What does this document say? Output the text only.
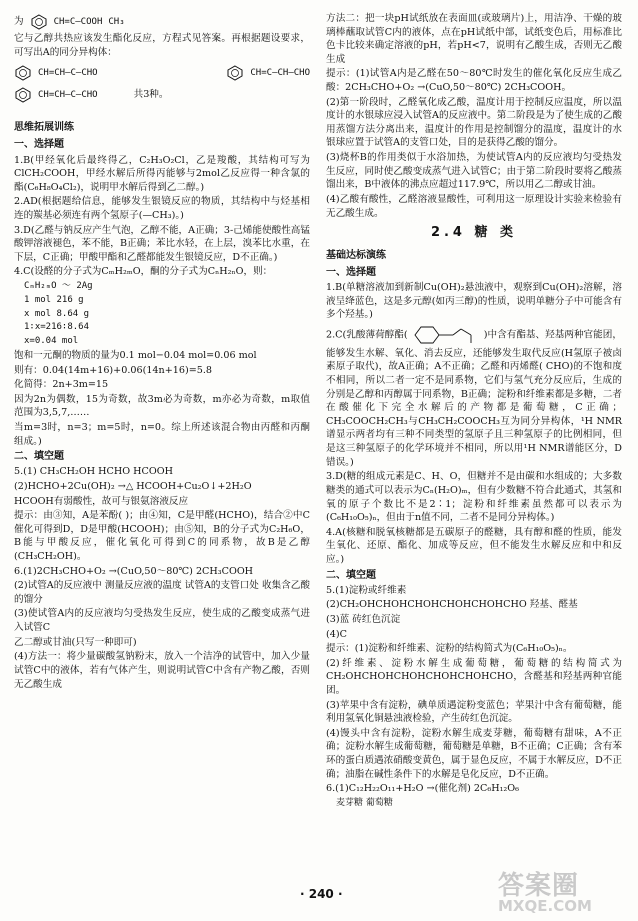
为	CH=C—COOH CH₃

它与乙醇共热应该发生酯化反应，方程式见答案。再根据题设要求，可写出A的同分异构体：

CH=CH—C—CHO	CH=C—CH—CHO
CH=CH—C—CHO	共3种。
思维拓展训练
一、选择题

1.B(甲经氧化后最终得乙，C₂H₃O₂Cl，乙是羧酸，其结构可写为ClCH₂COOH，甲经水解后所得丙能够与2mol乙反应得一种含氯的酯(C₆H₈O₄Cl₂)，说明甲水解后得到乙二醇。)

2.AD(根据题给信息，能够发生银镜反应的物质，其结构中与烃基相连的羰基必须连有两个氢原子(—CH₃)。)

3.D(乙醛与钠反应产生气泡，乙醇不能，A正确；3-己烯能使酸性高锰酸钾溶液褪色，苯不能，B正确；苯比水轻，在上层，溴苯比水重，在下层，C正确；甲酸甲酯和乙醛都能发生银镜反应，D不正确。)

4.C(设醛的分子式为CₘH₂ₘO，酮的分子式为CₙH₂ₙO，则：

CₘH₂ₘO ～ 2Ag

1 mol 216 g

x mol 8.64 g

1∶x=216∶8.64

x=0.04 mol

饱和一元酮的物质的量为0.1 mol−0.04 mol=0.06 mol

则有：0.04(14m+16)+0.06(14n+16)=5.8

化简得：2n+3m=15

因为2n为偶数，15为奇数，故3m必为奇数，m亦必为奇数，m取值范围为3,5,7,……

当m=3时，n=3；m=5时，n=0。综上所述该混合物由丙醛和丙酮组成。)

二、填空题

5.(1) CH₃CH₂OH HCHO HCOOH

(2)HCHO+2Cu(OH)₂ →△ HCOOH+Cu₂O↓+2H₂O

HCOOH有弱酸性，故可与银氨溶液反应

提示：由③知，A是苯酚( )；由④知，C是甲醛(HCHO)，结合②中C催化可得到D，D是甲酸(HCOOH)；由⑤知，B的分子式为C₂H₆O，B能与甲酸反应，催化氧化可得到C的同系物，故B是乙醇(CH₃CH₂OH)。

6.(1)2CH₃CHO+O₂ →(CuO,50～80℃) 2CH₃COOH

(2)试管A的反应液中 测量反应液的温度 试管A的支管口处 收集含乙酸的馏分

(3)使试管A内的反应液均匀受热发生反应，使生成的乙酸变成蒸气进入试管C

乙二醇或甘油(只写一种即可)

(4)方法一：将少量碳酸氢钠粉末，放入一个洁净的试管中，加入少量试管C中的液体，若有气体产生，则说明试管C中含有产物乙酸，否则无乙酸生成

方法二：把一块pH试纸放在表面皿(或玻璃片)上，用洁净、干燥的玻璃棒蘸取试管C内的液体，点在pH试纸中部，试纸变色后，用标准比色卡比较来确定溶液的pH，若pH<7，说明有乙酸生成，否则无乙酸生成

提示：(1)试管A内是乙醛在50～80℃时发生的催化氧化反应生成乙酸：2CH₃CHO+O₂ →(CuO,50～80℃) 2CH₃COOH。

(2)第一阶段时，乙醛氧化成乙酸，温度计用于控制反应温度，所以温度计的水银球应浸入试管A的反应液中。第二阶段是为了使生成的乙酸用蒸馏方法分离出来，温度计的作用是控制馏分的温度，温度计的水银球应置于试管A的支管口处，目的是获得乙酸的馏分。

(3)烧杯B的作用类似于水浴加热，为使试管A内的反应液均匀受热发生反应，同时使乙酸变成蒸气进入试管C；由于第二阶段时要将乙酸蒸馏出来，B中液体的沸点应超过117.9℃，所以用乙二醇或甘油。

(4)乙酸有酸性，乙醛溶液显酸性，可利用这一原理设计实验来检验有无乙酸生成。

2.4 糖 类
基础达标演练
一、选择题

1.B(单糖溶液加到新制Cu(OH)₂悬浊液中，观察到Cu(OH)₂溶解，溶液呈绛蓝色，这是多元醇(如丙三醇)的性质，说明单糖分子中可能含有多个羟基。)

2.C(乳酸薄荷醇酯(	)中含有酯基、羟基两种官能团，能够发生水解、氧化、消去反应，还能够发生取代反应(H氢原子被卤素原子取代)，故A正确；A不正确；乙醛和丙烯醛( CHO)的不饱和度不相同，所以二者一定不是同系物，它们与氢气充分反应后，生成的分别是乙醇和丙醇属于同系物，B正确；淀粉和纤维素都是多糖，二者在酸催化下完全水解后的产物都是葡萄糖，C正确；CH₃COOCH₂CH₃与CH₃CH₂COOCH₃互为同分异构体，¹H NMR谱显示两者均有三种不同类型的氢原子且三种氢原子的比例相同，但是这三种氢原子的化学环境并不相同，所以用¹H NMR谱能区分，D错误。)

3.D(糖的组成元素是C、H、O，但糖并不是由碳和水组成的；大多数糖类的通式可以表示为Cₙ(H₂O)ₘ，但有少数糖不符合此通式，其氢和氧的原子个数比不是2∶1；淀粉和纤维素虽然都可以表示为(C₆H₁₀O₅)ₙ，但由于n值不同，二者不是同分异构体。)

4.A(核糖和脱氧核糖都是五碳原子的醛糖，具有醇和醛的性质，能发生氧化、还原、酯化、加成等反应，但不能发生水解反应和中和反应。)

二、填空题

5.(1)淀粉或纤维素

(2)CH₂OHCHOHCHOHCHOHCHOHCHO 羟基、醛基

(3)蓝 砖红色沉淀

(4)C

提示：(1)淀粉和纤维素、淀粉的结构简式为(C₆H₁₀O₅)ₙ。

(2)纤维素、淀粉水解生成葡萄糖，葡萄糖的结构简式为CH₂OHCHOHCHOHCHOHCHOHCHO，含醛基和羟基两种官能团。

(3)苹果中含有淀粉，碘单质遇淀粉变蓝色；苹果汁中含有葡萄糖，能利用氢氧化铜悬浊液检验，产生砖红色沉淀。

(4)馒头中含有淀粉，淀粉水解生成麦芽糖，葡萄糖有甜味，A不正确；淀粉水解生成葡萄糖，葡萄糖是单糖，B不正确；C正确；含有苯环的蛋白质遇浓硝酸变黄色，属于显色反应，不属于水解反应，D不正确；油脂在碱性条件下的水解是皂化反应，D不正确。

6.(1)C₁₂H₂₂O₁₁+H₂O →(催化剂) 2C₆H₁₂O₆

麦芽糖 葡萄糖

· 240 ·	答案圈
MXQE.COM
